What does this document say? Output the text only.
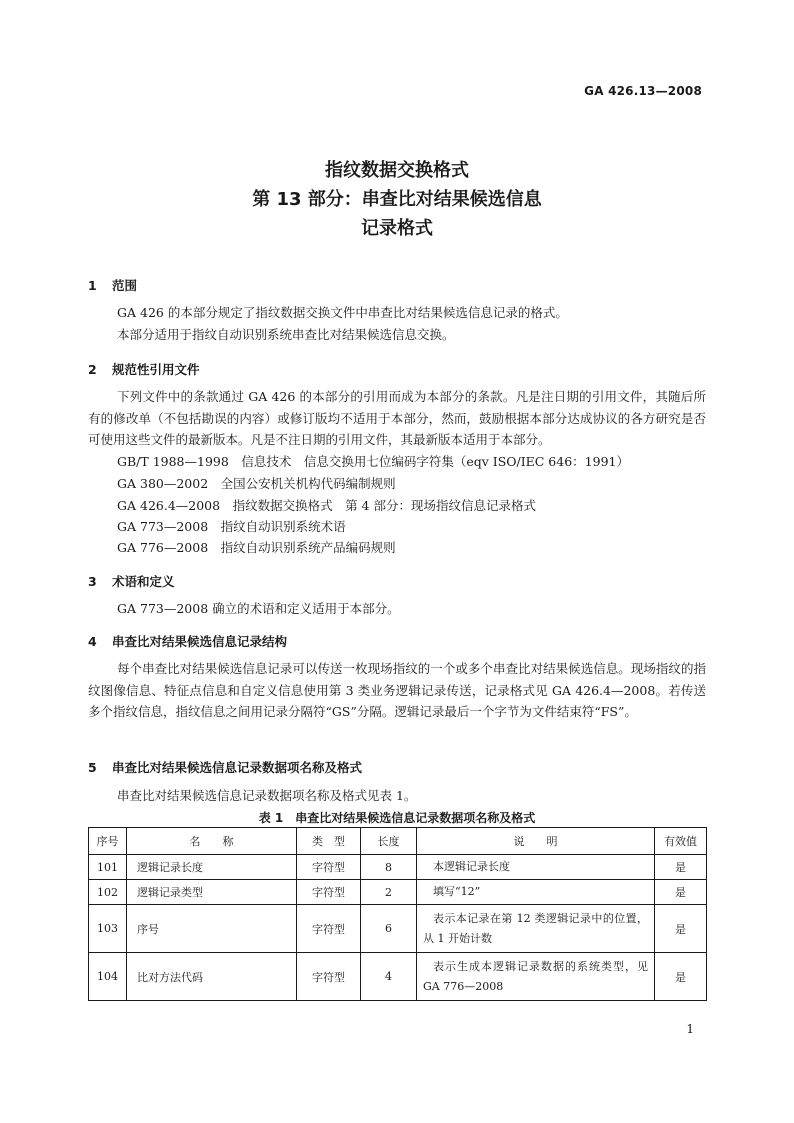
GA 426.13—2008
指纹数据交换格式
第 13 部分：串查比对结果候选信息
记录格式
1 范围
GA 426 的本部分规定了指纹数据交换文件中串查比对结果候选信息记录的格式。
本部分适用于指纹自动识别系统串查比对结果候选信息交换。
2 规范性引用文件
下列文件中的条款通过 GA 426 的本部分的引用而成为本部分的条款。凡是注日期的引用文件，其随后所有的修改单（不包括勘误的内容）或修订版均不适用于本部分，然而，鼓励根据本部分达成协议的各方研究是否可使用这些文件的最新版本。凡是不注日期的引用文件，其最新版本适用于本部分。
GB/T 1988—1998　信息技术　信息交换用七位编码字符集（eqv ISO/IEC 646：1991）
GA 380—2002　全国公安机关机构代码编制规则
GA 426.4—2008　指纹数据交换格式　第 4 部分：现场指纹信息记录格式
GA 773—2008　指纹自动识别系统术语
GA 776—2008　指纹自动识别系统产品编码规则
3 术语和定义
GA 773—2008 确立的术语和定义适用于本部分。
4 串查比对结果候选信息记录结构
每个串查比对结果候选信息记录可以传送一枚现场指纹的一个或多个串查比对结果候选信息。现场指纹的指纹图像信息、特征点信息和自定义信息使用第 3 类业务逻辑记录传送，记录格式见 GA 426.4—2008。若传送多个指纹信息，指纹信息之间用记录分隔符“GS”分隔。逻辑记录最后一个字节为文件结束符“FS”。
5 串查比对结果候选信息记录数据项名称及格式
串查比对结果候选信息记录数据项名称及格式见表 1。
表 1　串查比对结果候选信息记录数据项名称及格式
序号	名　　称	类　型	长度	说　　明	有效值
101	逻辑记录长度	字符型	8	本逻辑记录长度	是
102	逻辑记录类型	字符型	2	填写“12”	是
103	序号	字符型	6	表示本记录在第 12 类逻辑记录中的位置，从 1 开始计数	是
104	比对方法代码	字符型	4	表示生成本逻辑记录数据的系统类型，见 GA 776—2008	是
1
